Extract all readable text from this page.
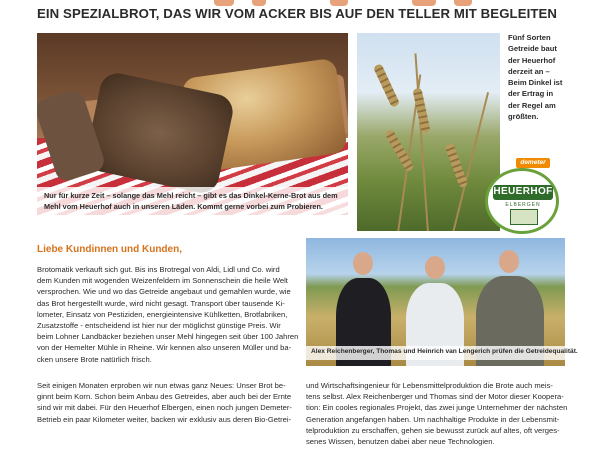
EIN SPEZIALBROT, DAS WIR VOM ACKER BIS AUF DEN TELLER MIT BEGLEITEN
Nur für kurze Zeit – solange das Mehl reicht – gibt es das Dinkel-Kerne-Brot aus dem
Mehl vom Heuerhof auch in unseren Läden. Kommt gerne vorbei zum Probieren.
Fünf Sorten
Getreide baut
der Heuerhof
derzeit an –
Beim Dinkel ist
der Ertrag in
der Regel am
größten.
demeter
HEUERHOF
ELBERGEN
Liebe Kundinnen und Kunden,

Brotomatik verkauft sich gut. Bis ins Brotregal von Aldi, Lidl und Co. wird

dem Kunden mit wogenden Weizenfeldern im Sonnenschein die heile Welt

versprochen. Wie und wo das Getreide angebaut und gemahlen wurde, wie

das Brot hergestellt wurde, wird nicht gesagt. Transport über tausende Ki-

lometer, Einsatz von Pestiziden, energieintensive Kühlketten, Brotfabriken,

Zusatzstoffe - entscheidend ist hier nur der möglichst günstige Preis. Wir

beim Lohner Landbäcker beziehen unser Mehl hingegen seit über 100 Jahren

von der Hemelter Mühle in Rheine. Wir kennen also unseren Müller und ba-

cken unsere Brote natürlich frisch.

Seit einigen Monaten erproben wir nun etwas ganz Neues: Unser Brot be-

ginnt beim Korn. Schon beim Anbau des Getreides, aber auch bei der Ernte

sind wir mit dabei. Für den Heuerhof Elbergen, einen noch jungen Demeter-

Betrieb ein paar Kilometer weiter, backen wir exklusiv aus deren Bio-Getrei-

Alex Reichenberger, Thomas und Heinrich van Lengerich prüfen die Getreidequalität.

und Wirtschaftsingenieur für Lebensmittelproduktion die Brote auch meis-

tens selbst. Alex Reichenberger und Thomas sind der Motor dieser Koopera-

tion: Ein cooles regionales Projekt, das zwei junge Unternehmer der nächsten

Generation angefangen haben. Um nachhaltige Produkte in der Lebensmit-

telproduktion zu erschaffen, gehen sie bewusst zurück auf altes, oft verges-

senes Wissen, benutzen dabei aber neue Technologien.
